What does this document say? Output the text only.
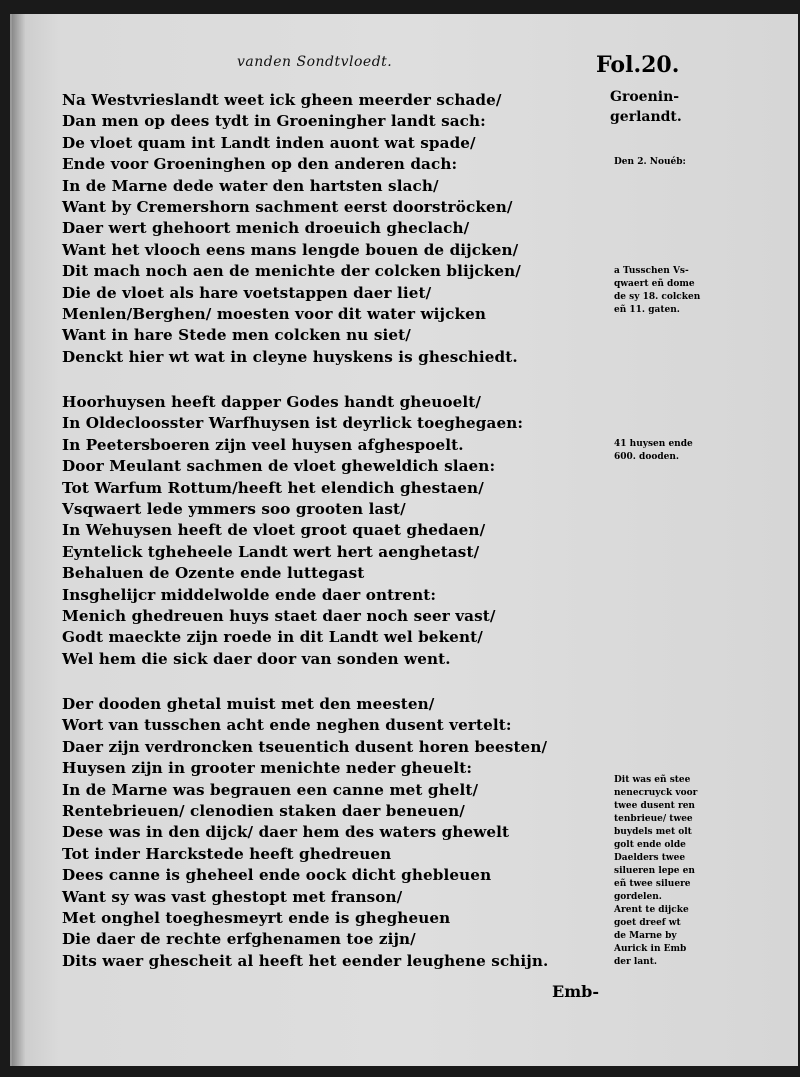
vanden Sondtvloedt.	Fol.20.
Groenin-
gerlandt.
Na Westvrieslandt weet ick gheen meerder schade/
Dan men op dees tydt in Groeningher landt sach:
De vloet quam int Landt inden auont wat spade/
Ende voor Groeninghen op den anderen dach:
In de Marne dede water den hartsten slach/
Want by Cremershorn sachment eerst doorströcken/
Daer wert ghehoort menich droeuich gheclach/
Want het vlooch eens mans lengde bouen de dijcken/
Dit mach noch aen de menichte der colcken blijcken/
Die de vloet als hare voetstappen daer liet/
Menlen/Berghen/ moesten voor dit water wijcken
Want in hare Stede men colcken nu siet/
Denckt hier wt wat in cleyne huyskens is gheschiedt.
Hoorhuysen heeft dapper Godes handt gheuoelt/
In Oldecloosster Warfhuysen ist deyrlick toeghegaen:
In Peetersboeren zijn veel huysen afghespoelt.
Door Meulant sachmen de vloet gheweldich slaen:
Tot Warfum Rottum/heeft het elendich ghestaen/
Vsqwaert lede ymmers soo grooten last/
In Wehuysen heeft de vloet groot quaet ghedaen/
Eyntelick tgheheele Landt wert hert aenghetast/
Behaluen de Ozente ende luttegast
Insghelijcr middelwolde ende daer ontrent:
Menich ghedreuen huys staet daer noch seer vast/
Godt maeckte zijn roede in dit Landt wel bekent/
Wel hem die sick daer door van sonden went.
Der dooden ghetal muist met den meesten/
Wort van tusschen acht ende neghen dusent vertelt:
Daer zijn verdroncken tseuentich dusent horen beesten/
Huysen zijn in grooter menichte neder gheuelt:
In de Marne was begrauen een canne met ghelt/
Rentebrieuen/ clenodien staken daer beneuen/
Dese was in den dijck/ daer hem des waters ghewelt
Tot inder Harckstede heeft ghedreuen
Dees canne is gheheel ende oock dicht ghebleuen
Want sy was vast ghestopt met franson/
Met onghel toeghesmeyrt ende is ghegheuen
Die daer de rechte erfghenamen toe zijn/
Dits waer ghescheit al heeft het eender leughene schijn.
Den 2. Nouéb:
a Tusschen Vs-
qwaert eñ dome
de sy 18. colcken
eñ 11. gaten.
41 huysen ende
600. dooden.
Dit was eñ stee
nenecruyck voor
twee dusent ren
tenbrieue/ twee
buydels met olt
golt ende olde
Daelders twee
silueren lepe en
eñ twee siluere
gordelen.
Arent te dijcke
goet dreef wt
de Marne by
Aurick in Emb
der lant.
Emb-
